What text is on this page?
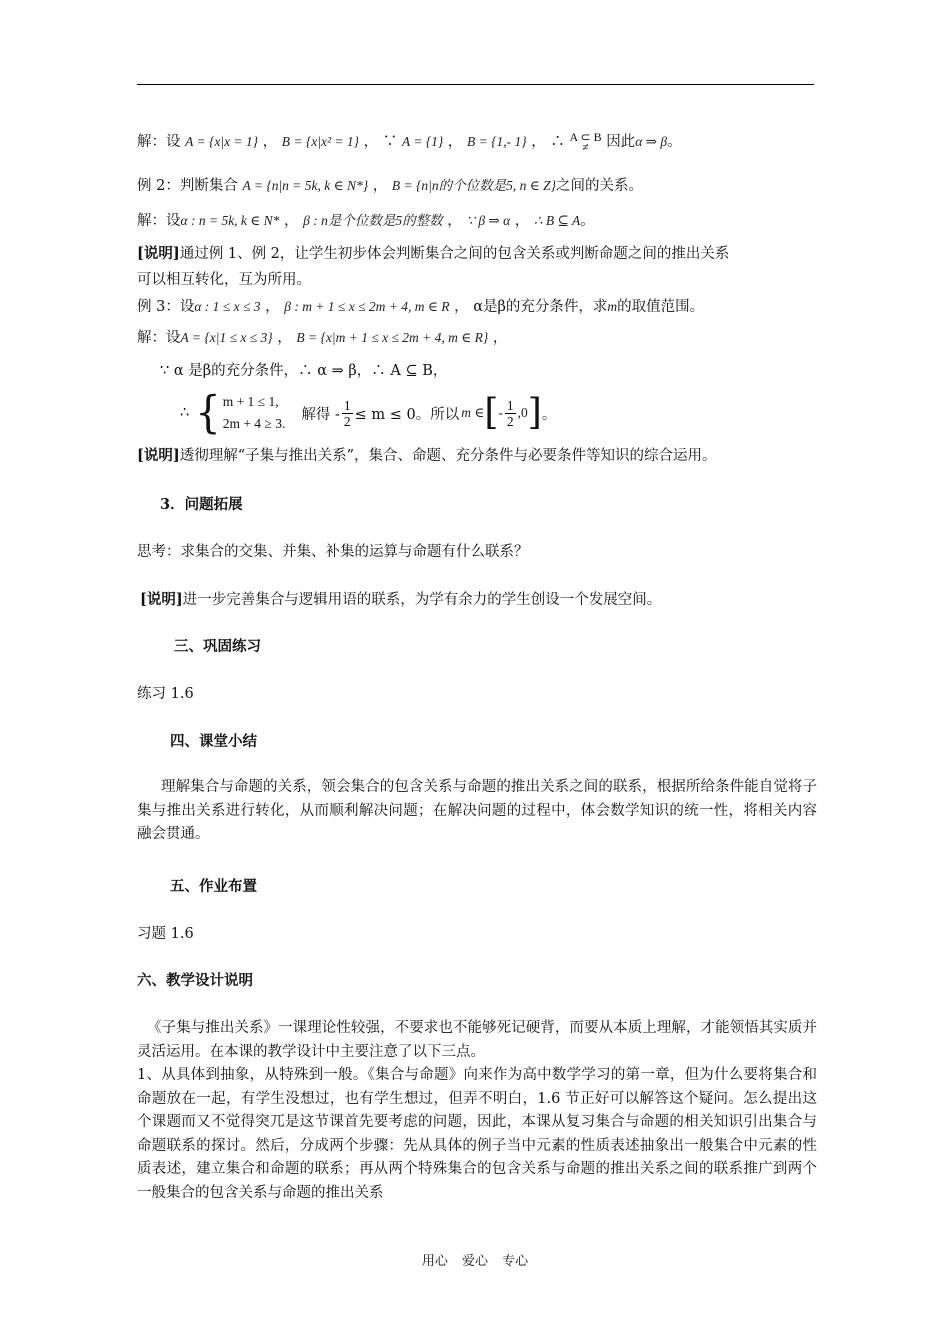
解：设 A = {x|x = 1} ， B = {x|x² = 1} ， ∵ A = {1} ， B = {1,- 1} ， ∴ A ⊂ B
≠ 因此α ⇒ β。
例 2：判断集合 A = {n|n = 5k, k ∈ N*} ， B = {n|n的个位数是5, n ∈ Z}之间的关系。
解：设α : n = 5k, k ∈ N* ， β : n是个位数是5的整数 ， ∵ β ⇒ α ， ∴ B ⊆ A。
[说明]通过例 1、例 2，让学生初步体会判断集合之间的包含关系或判断命题之间的推出关系
可以相互转化，互为所用。
例 3：设α : 1 ≤ x ≤ 3 ， β : m + 1 ≤ x ≤ 2m + 4, m ∈ R ， α是β的充分条件，求m的取值范围。
解：设A = {x|1 ≤ x ≤ 3} ， B = {x|m + 1 ≤ x ≤ 2m + 4, m ∈ R} ，
∵ α 是β的充分条件，∴ α ⇒ β，∴ A ⊆ B，
∴ { m + 1 ≤ 1,
2m + 4 ≥ 3.
解得 - $\frac{1}{2} \le m \le 0$。所以 m ∈ [ - $\frac{1}{2} ,0$ ] 。
[说明]透彻理解“子集与推出关系”，集合、命题、充分条件与必要条件等知识的综合运用。
3．问题拓展
思考：求集合的交集、并集、补集的运算与命题有什么联系？
[说明]进一步完善集合与逻辑用语的联系，为学有余力的学生创设一个发展空间。
三、巩固练习
练习 1.6
四、课堂小结
理解集合与命题的关系，领会集合的包含关系与命题的推出关系之间的联系，根据所给条件能自觉将子集与推出关系进行转化，从而顺利解决问题；在解决问题的过程中，体会数学知识的统一性，将相关内容融会贯通。
五、作业布置
习题 1.6
六、教学设计说明

《子集与推出关系》一课理论性较强，不要求也不能够死记硬背，而要从本质上理解，才能领悟其实质并灵活运用。在本课的教学设计中主要注意了以下三点。

1、从具体到抽象，从特殊到一般。《集合与命题》向来作为高中数学学习的第一章，但为什么要将集合和命题放在一起，有学生没想过，也有学生想过，但弄不明白，1.6 节正好可以解答这个疑问。怎么提出这个课题而又不觉得突兀是这节课首先要考虑的问题，因此，本课从复习集合与命题的相关知识引出集合与命题联系的探讨。然后，分成两个步骤：先从具体的例子当中元素的性质表述抽象出一般集合中元素的性质表述，建立集合和命题的联系；再从两个特殊集合的包含关系与命题的推出关系之间的联系推广到两个一般集合的包含关系与命题的推出关系

用心 爱心 专心
